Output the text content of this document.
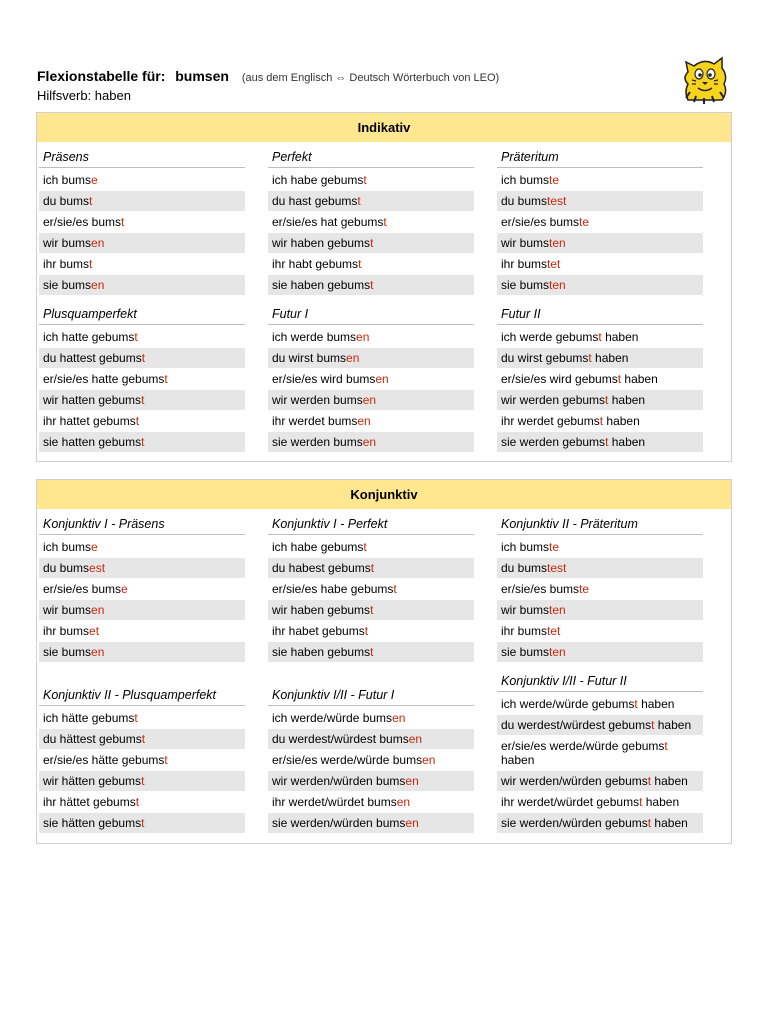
Flexionstabelle für: bumsen (aus dem Englisch ⇔ Deutsch Wörterbuch von LEO)
Hilfsverb: haben
Indikativ
Präsens
ich bumse
du bumst
er/sie/es bumst
wir bumsen
ihr bumst
sie bumsen
Perfekt
ich habe gebumst
du hast gebumst
er/sie/es hat gebumst
wir haben gebumst
ihr habt gebumst
sie haben gebumst
Präteritum
ich bumste
du bumstest
er/sie/es bumste
wir bumsten
ihr bumstet
sie bumsten
Plusquamperfekt
ich hatte gebumst
du hattest gebumst
er/sie/es hatte gebumst
wir hatten gebumst
ihr hattet gebumst
sie hatten gebumst
Futur I
ich werde bumsen
du wirst bumsen
er/sie/es wird bumsen
wir werden bumsen
ihr werdet bumsen
sie werden bumsen
Futur II
ich werde gebumst haben
du wirst gebumst haben
er/sie/es wird gebumst haben
wir werden gebumst haben
ihr werdet gebumst haben
sie werden gebumst haben
Konjunktiv
Konjunktiv I - Präsens
ich bumse
du bumsest
er/sie/es bumse
wir bumsen
ihr bumset
sie bumsen
Konjunktiv I - Perfekt
ich habe gebumst
du habest gebumst
er/sie/es habe gebumst
wir haben gebumst
ihr habet gebumst
sie haben gebumst
Konjunktiv II - Präteritum
ich bumste
du bumstest
er/sie/es bumste
wir bumsten
ihr bumstet
sie bumsten
Konjunktiv II - Plusquamperfekt
ich hätte gebumst
du hättest gebumst
er/sie/es hätte gebumst
wir hätten gebumst
ihr hättet gebumst
sie hätten gebumst
Konjunktiv I/II - Futur I
ich werde/würde bumsen
du werdest/würdest bumsen
er/sie/es werde/würde bumsen
wir werden/würden bumsen
ihr werdet/würdet bumsen
sie werden/würden bumsen
Konjunktiv I/II - Futur II
ich werde/würde gebumst haben
du werdest/würdest gebumst haben
er/sie/es werde/würde gebumst haben
wir werden/würden gebumst haben
ihr werdet/würdet gebumst haben
sie werden/würden gebumst haben
